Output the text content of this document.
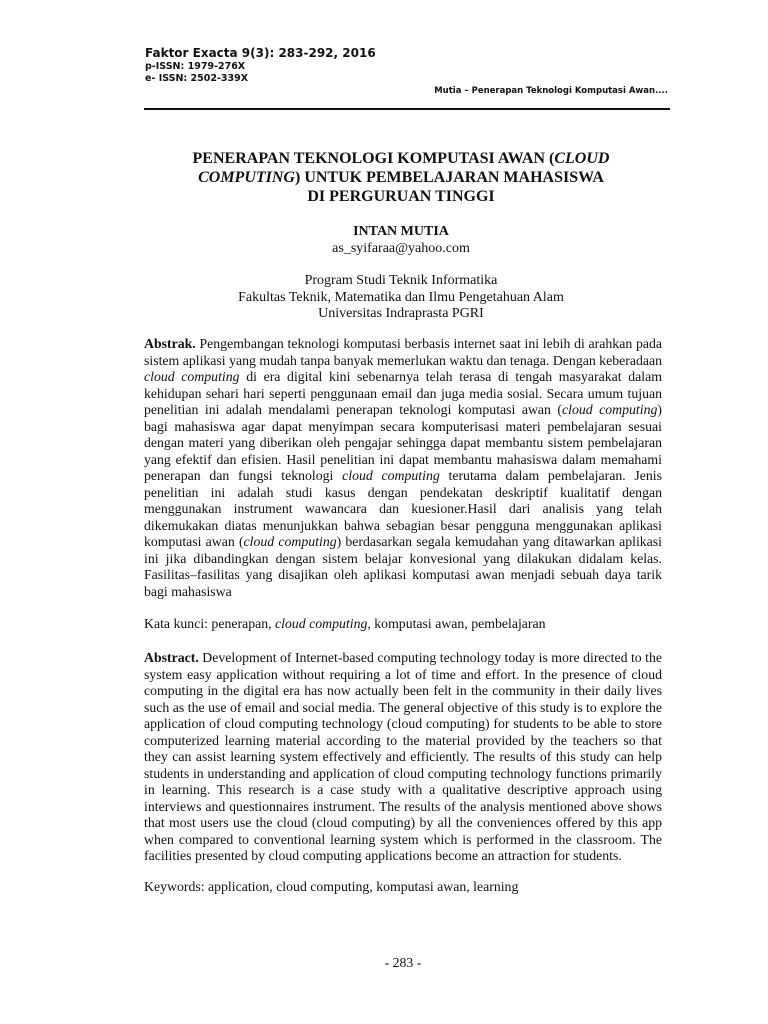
Faktor Exacta 9(3): 283-292, 2016
p-ISSN: 1979-276X
e- ISSN: 2502-339X
Mutia – Penerapan Teknologi Komputasi Awan....
PENERAPAN TEKNOLOGI KOMPUTASI AWAN (CLOUD
COMPUTING) UNTUK PEMBELAJARAN MAHASISWA
DI PERGURUAN TINGGI
INTAN MUTIA
as_syifaraa@yahoo.com
Program Studi Teknik Informatika
Fakultas Teknik, Matematika dan Ilmu Pengetahuan Alam
Universitas Indraprasta PGRI

Abstrak. Pengembangan teknologi komputasi berbasis internet saat ini lebih di arahkan pada sistem aplikasi yang mudah tanpa banyak memerlukan waktu dan tenaga. Dengan keberadaan cloud computing di era digital kini sebenarnya telah terasa di tengah masyarakat dalam kehidupan sehari hari seperti penggunaan email dan juga media sosial. Secara umum tujuan penelitian ini adalah mendalami penerapan teknologi komputasi awan (cloud computing) bagi mahasiswa agar dapat menyimpan secara komputerisasi materi pembelajaran sesuai dengan materi yang diberikan oleh pengajar sehingga dapat membantu sistem pembelajaran yang efektif dan efisien. Hasil penelitian ini dapat membantu mahasiswa dalam memahami penerapan dan fungsi teknologi cloud computing terutama dalam pembelajaran. Jenis penelitian ini adalah studi kasus dengan pendekatan deskriptif kualitatif dengan menggunakan instrument wawancara dan kuesioner.Hasil dari analisis yang telah dikemukakan diatas menunjukkan bahwa sebagian besar pengguna menggunakan aplikasi komputasi awan (cloud computing) berdasarkan segala kemudahan yang ditawarkan aplikasi ini jika dibandingkan dengan sistem belajar konvesional yang dilakukan didalam kelas. Fasilitas–fasilitas yang disajikan oleh aplikasi komputasi awan menjadi sebuah daya tarik bagi mahasiswa

Kata kunci: penerapan, cloud computing, komputasi awan, pembelajaran

Abstract. Development of Internet-based computing technology today is more directed to the system easy application without requiring a lot of time and effort. In the presence of cloud computing in the digital era has now actually been felt in the community in their daily lives such as the use of email and social media. The general objective of this study is to explore the application of cloud computing technology (cloud computing) for students to be able to store computerized learning material according to the material provided by the teachers so that they can assist learning system effectively and efficiently. The results of this study can help students in understanding and application of cloud computing technology functions primarily in learning. This research is a case study with a qualitative descriptive approach using interviews and questionnaires instrument. The results of the analysis mentioned above shows that most users use the cloud (cloud computing) by all the conveniences offered by this app when compared to conventional learning system which is performed in the classroom. The facilities presented by cloud computing applications become an attraction for students.

Keywords: application, cloud computing, komputasi awan, learning
- 283 -
